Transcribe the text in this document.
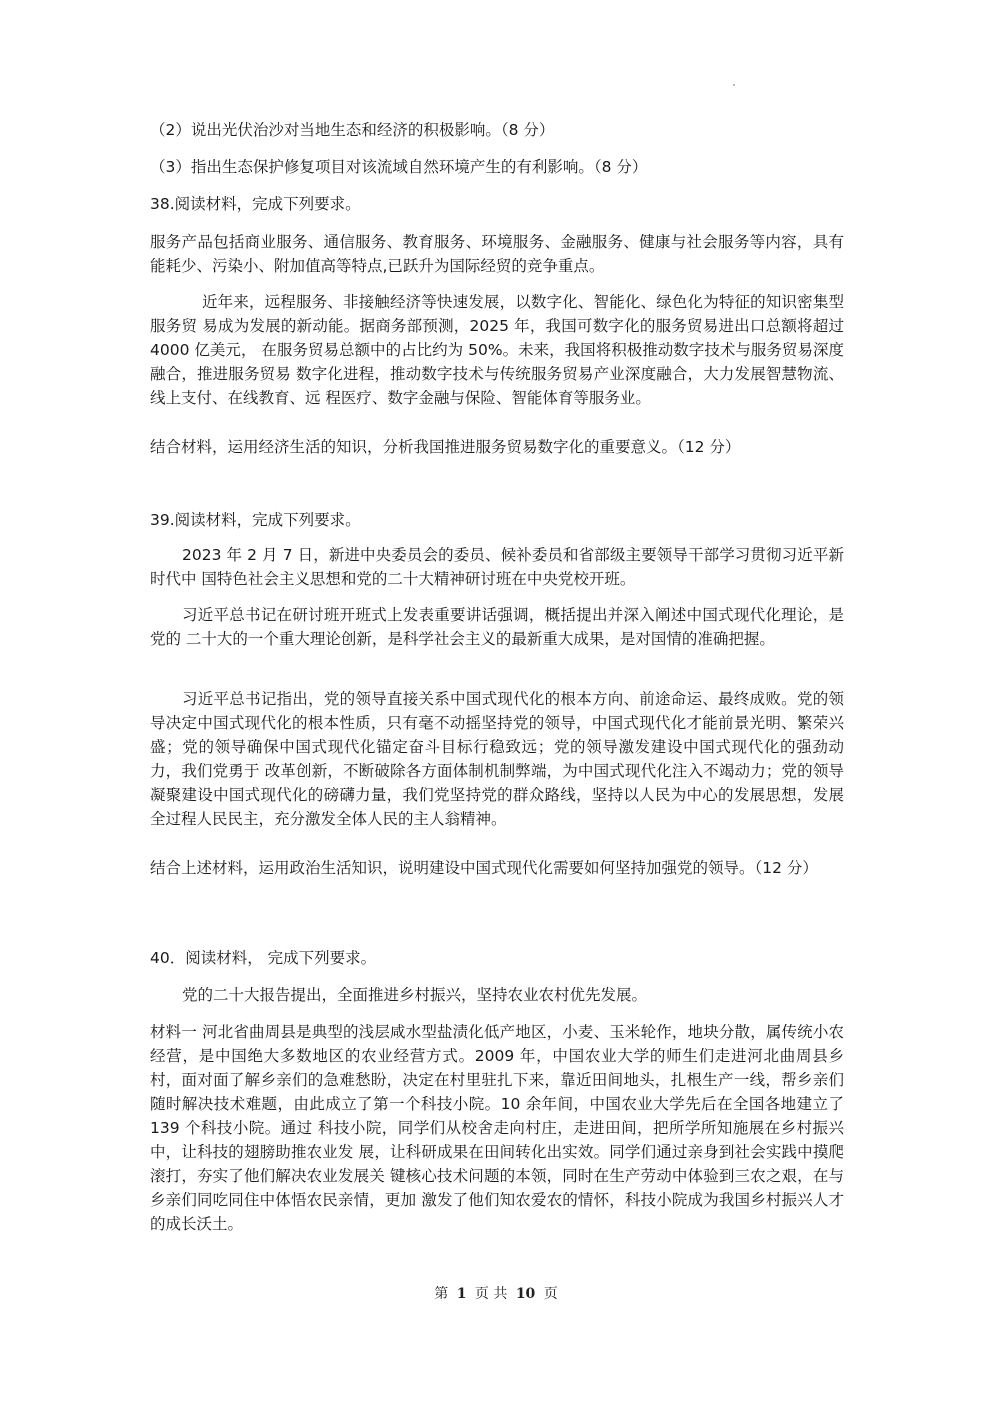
（2）说出光伏治沙对当地生态和经济的积极影响。（8 分）
（3）指出生态保护修复项目对该流域自然环境产生的有利影响。（8 分）
38.阅读材料，完成下列要求。
服务产品包括商业服务、通信服务、教育服务、环境服务、金融服务、健康与社会服务等内容，具有 能耗少、污染小、附加值高等特点,已跃升为国际经贸的竞争重点。
近年来，远程服务、非接触经济等快速发展，以数字化、智能化、绿色化为特征的知识密集型服务贸 易成为发展的新动能。据商务部预测，2025 年，我国可数字化的服务贸易进出口总额将超过 4000 亿美元， 在服务贸易总额中的占比约为 50%。未来，我国将积极推动数字技术与服务贸易深度融合，推进服务贸易 数字化进程，推动数字技术与传统服务贸易产业深度融合，大力发展智慧物流、线上支付、在线教育、远 程医疗、数字金融与保险、智能体育等服务业。
结合材料，运用经济生活的知识，分析我国推进服务贸易数字化的重要意义。（12 分）
39.阅读材料，完成下列要求。
2023 年 2 月 7 日，新进中央委员会的委员、候补委员和省部级主要领导干部学习贯彻习近平新时代中 国特色社会主义思想和党的二十大精神研讨班在中央党校开班。
习近平总书记在研讨班开班式上发表重要讲话强调，概括提出并深入阐述中国式现代化理论，是党的 二十大的一个重大理论创新，是科学社会主义的最新重大成果，是对国情的准确把握。
习近平总书记指出，党的领导直接关系中国式现代化的根本方向、前途命运、最终成败。党的领导决定中国式现代化的根本性质，只有毫不动摇坚持党的领导，中国式现代化才能前景光明、繁荣兴盛；党的领导确保中国式现代化锚定奋斗目标行稳致远；党的领导激发建设中国式现代化的强劲动力，我们党勇于 改革创新，不断破除各方面体制机制弊端，为中国式现代化注入不竭动力；党的领导凝聚建设中国式现代化的磅礴力量，我们党坚持党的群众路线，坚持以人民为中心的发展思想，发展全过程人民民主，充分激发全体人民的主人翁精神。
结合上述材料，运用政治生活知识，说明建设中国式现代化需要如何坚持加强党的领导。（12 分）
40．阅读材料， 完成下列要求。
党的二十大报告提出，全面推进乡村振兴，坚持农业农村优先发展。
材料一 河北省曲周县是典型的浅层咸水型盐渍化低产地区，小麦、玉米轮作，地块分散，属传统小农经营，是中国绝大多数地区的农业经营方式。2009 年，中国农业大学的师生们走进河北曲周县乡村，面对面了解乡亲们的急难愁盼，决定在村里驻扎下来，靠近田间地头，扎根生产一线，帮乡亲们随时解决技术难题，由此成立了第一个科技小院。10 余年间，中国农业大学先后在全国各地建立了 139 个科技小院。通过 科技小院，同学们从校舍走向村庄，走进田间，把所学所知施展在乡村振兴中，让科技的翅膀助推农业发 展，让科研成果在田间转化出实效。同学们通过亲身到社会实践中摸爬滚打，夯实了他们解决农业发展关 键核心技术问题的本领，同时在生产劳动中体验到三农之艰，在与乡亲们同吃同住中体悟农民亲情，更加 激发了他们知农爱农的情怀，科技小院成为我国乡村振兴人才的成长沃土。
第 1 页 共 10 页
